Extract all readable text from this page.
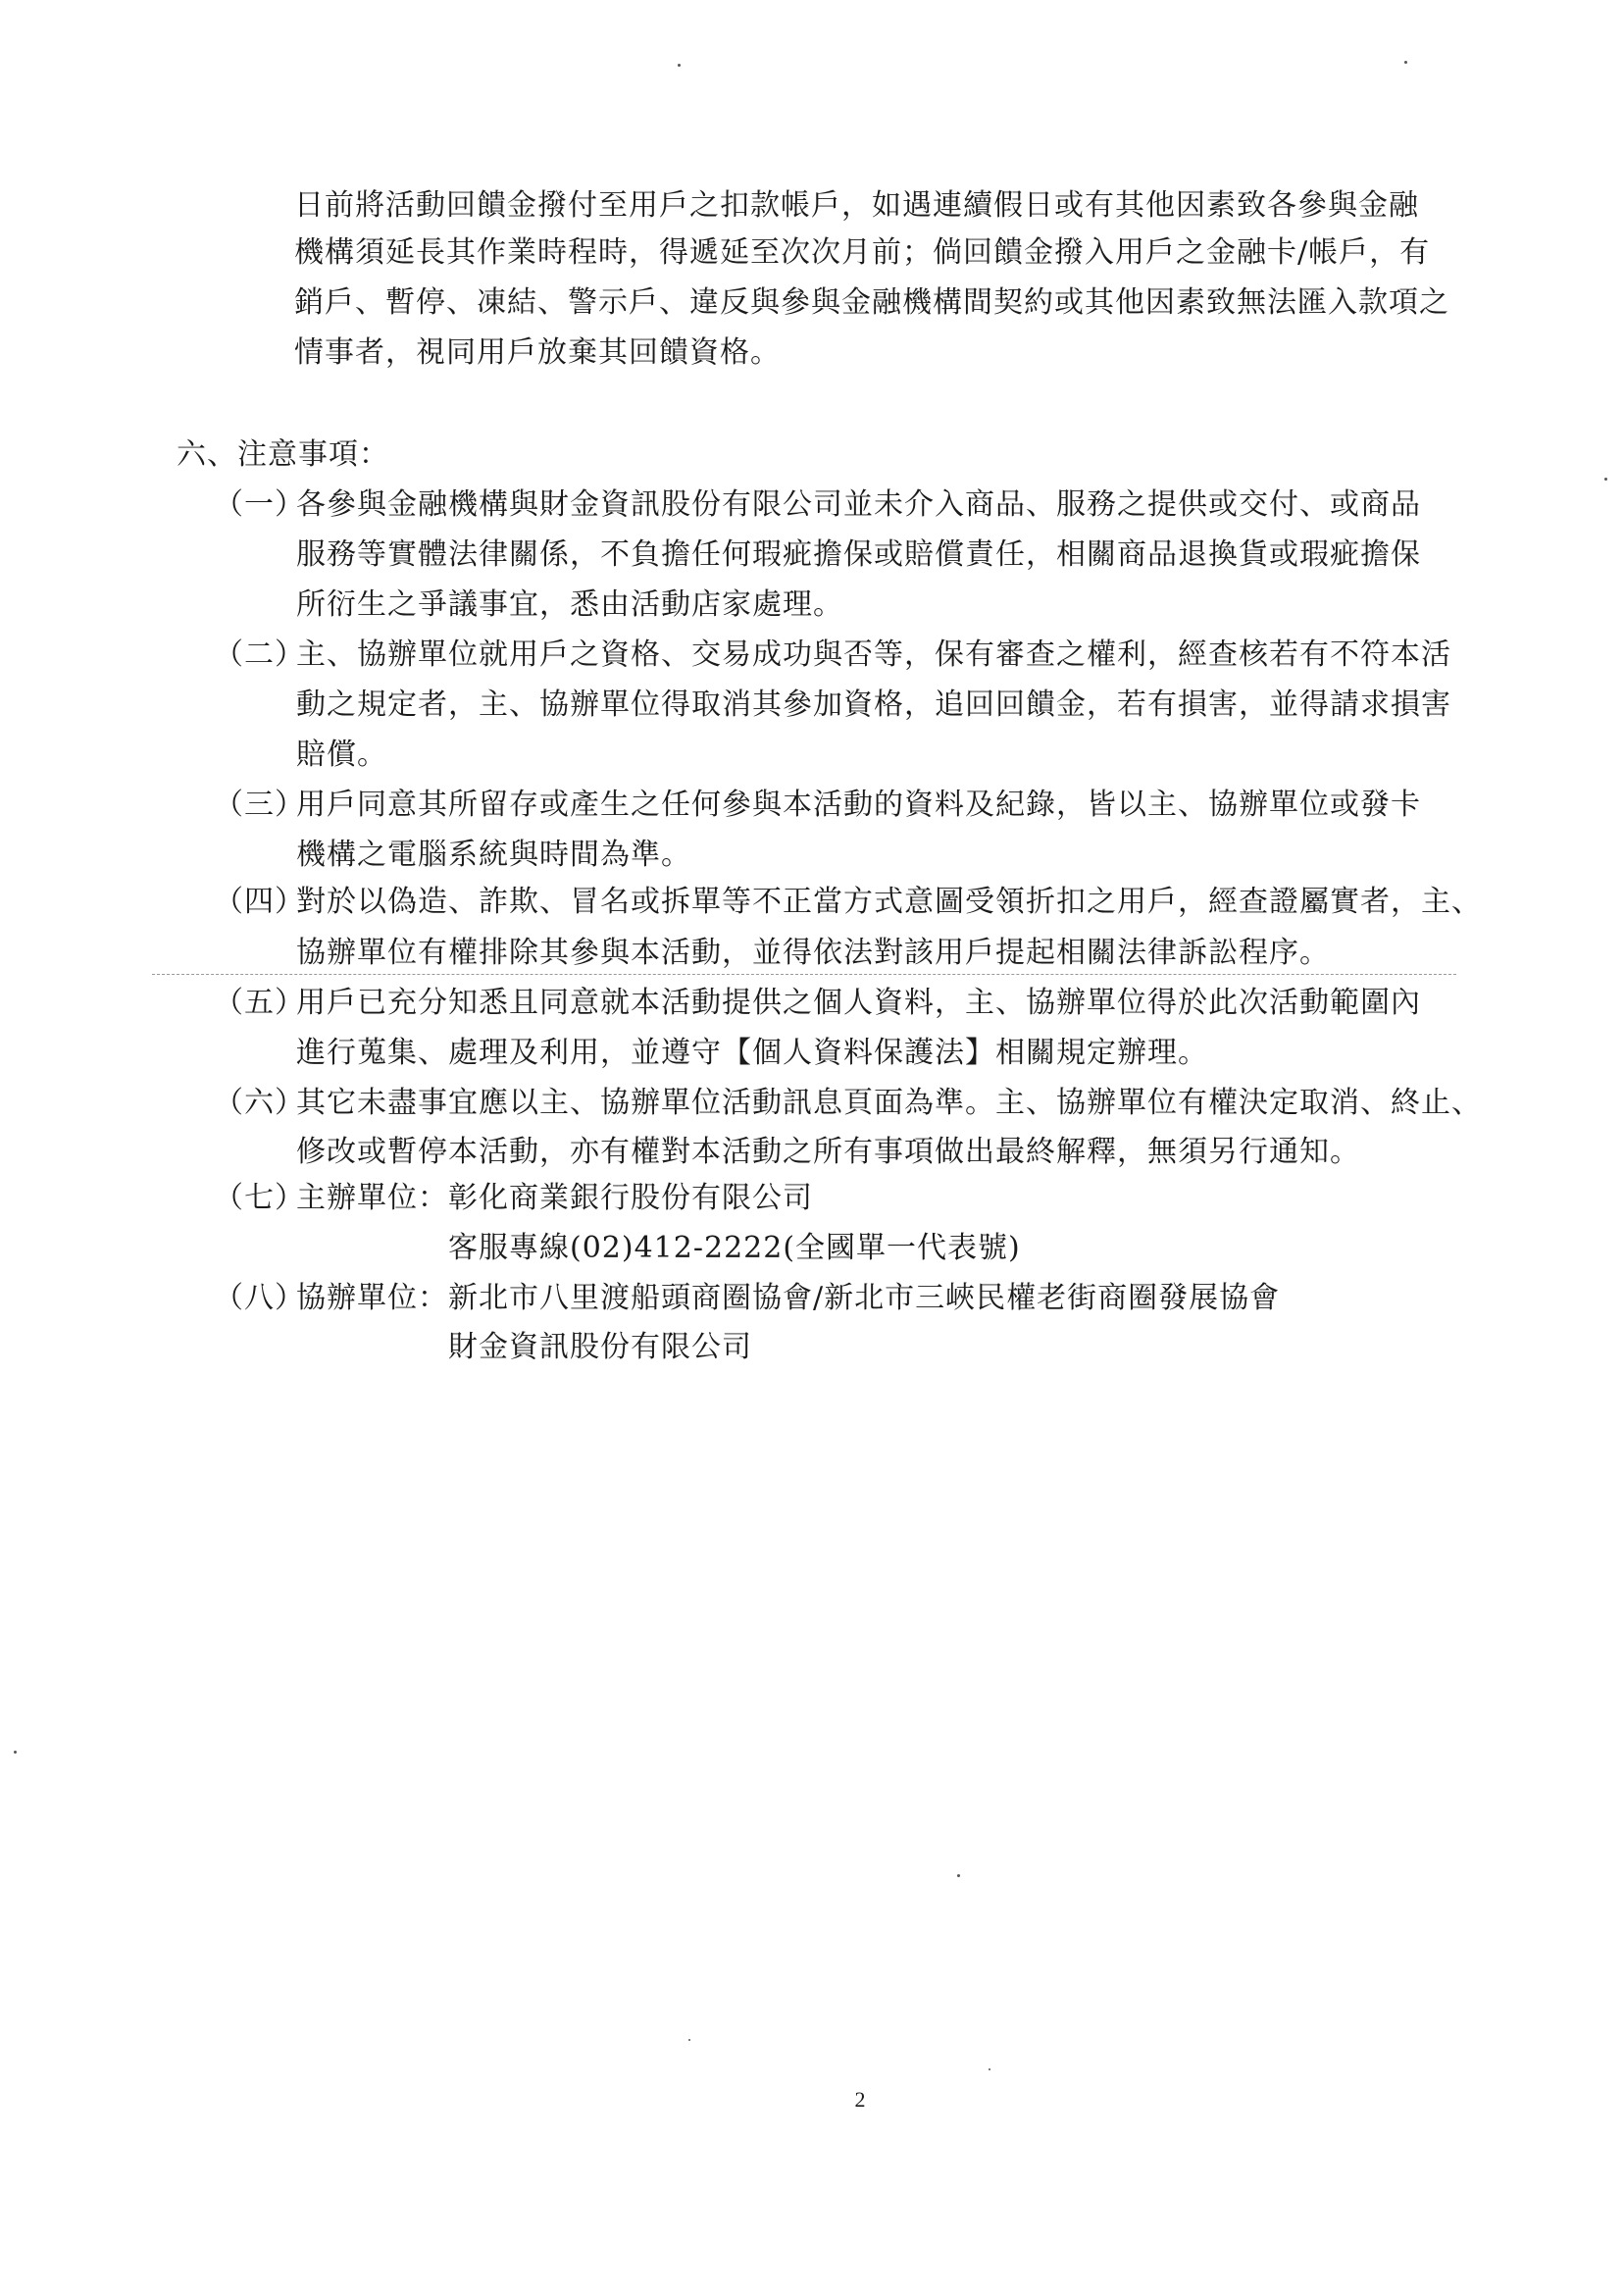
日前將活動回饋金撥付至用戶之扣款帳戶，如遇連續假日或有其他因素致各參與金融
機構須延長其作業時程時，得遞延至次次月前；倘回饋金撥入用戶之金融卡/帳戶，有
銷戶、暫停、凍結、警示戶、違反與參與金融機構間契約或其他因素致無法匯入款項之
情事者，視同用戶放棄其回饋資格。
六、注意事項：
（一）
各參與金融機構與財金資訊股份有限公司並未介入商品、服務之提供或交付、或商品
服務等實體法律關係，不負擔任何瑕疵擔保或賠償責任，相關商品退換貨或瑕疵擔保
所衍生之爭議事宜，悉由活動店家處理。
（二）
主、協辦單位就用戶之資格、交易成功與否等，保有審查之權利，經查核若有不符本活
動之規定者，主、協辦單位得取消其參加資格，追回回饋金，若有損害，並得請求損害
賠償。
（三）
用戶同意其所留存或產生之任何參與本活動的資料及紀錄，皆以主、協辦單位或發卡
機構之電腦系統與時間為準。
（四）
對於以偽造、詐欺、冒名或拆單等不正當方式意圖受領折扣之用戶，經查證屬實者，主、
協辦單位有權排除其參與本活動，並得依法對該用戶提起相關法律訴訟程序。
（五）
用戶已充分知悉且同意就本活動提供之個人資料，主、協辦單位得於此次活動範圍內
進行蒐集、處理及利用，並遵守【個人資料保護法】相關規定辦理。
（六）
其它未盡事宜應以主、協辦單位活動訊息頁面為準。主、協辦單位有權決定取消、終止、
修改或暫停本活動，亦有權對本活動之所有事項做出最終解釋，無須另行通知。
（七）
主辦單位：彰化商業銀行股份有限公司
　　　　　客服專線(02)412-2222(全國單一代表號)
（八）
協辦單位：新北市八里渡船頭商圈協會/新北市三峽民權老街商圈發展協會
　　　　　財金資訊股份有限公司
2
